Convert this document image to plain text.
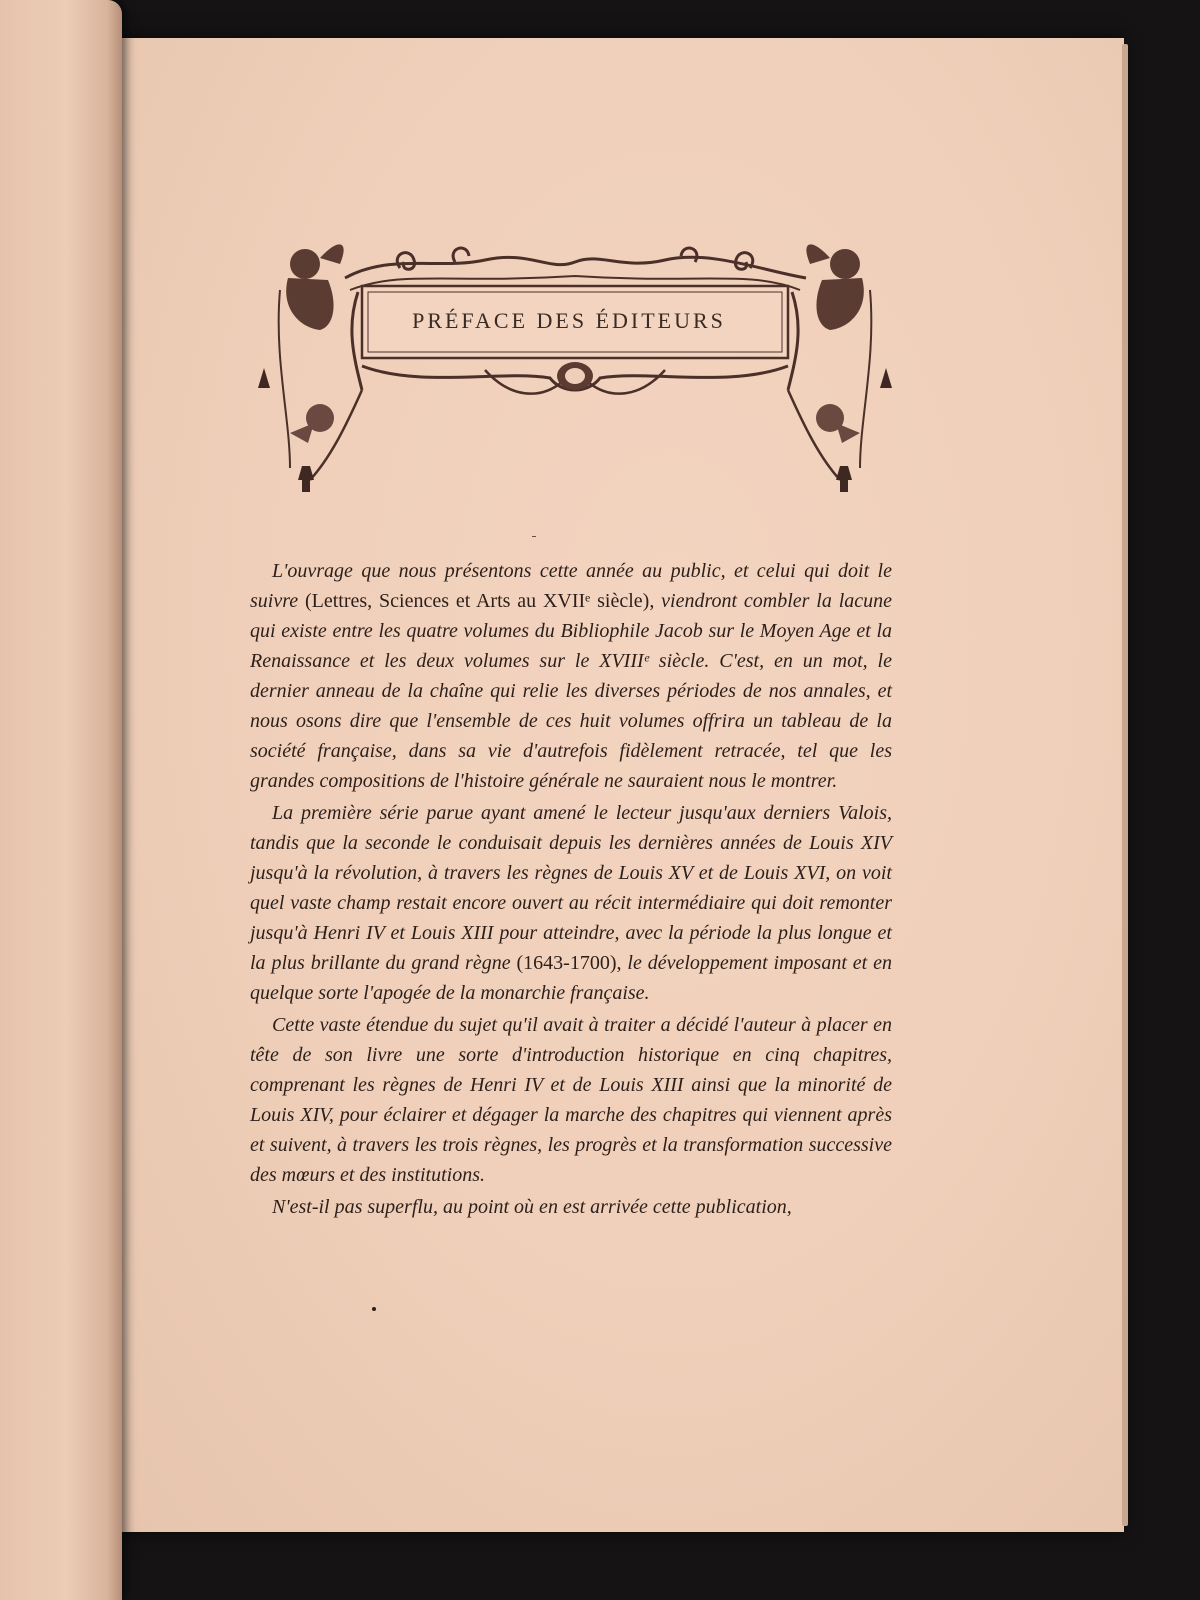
PRÉFACE DES ÉDITEURS

L'ouvrage que nous présentons cette année au public, et celui qui doit le suivre (Lettres, Sciences et Arts au XVIIᵉ siècle), viendront combler la lacune qui existe entre les quatre volumes du Bibliophile Jacob sur le Moyen Age et la Renaissance et les deux volumes sur le XVIIIᵉ siècle. C'est, en un mot, le dernier anneau de la chaîne qui relie les diverses périodes de nos annales, et nous osons dire que l'ensemble de ces huit volumes offrira un tableau de la société française, dans sa vie d'autrefois fidèlement retracée, tel que les grandes compositions de l'histoire générale ne sauraient nous le montrer.

La première série parue ayant amené le lecteur jusqu'aux derniers Valois, tandis que la seconde le conduisait depuis les dernières années de Louis XIV jusqu'à la révolution, à travers les règnes de Louis XV et de Louis XVI, on voit quel vaste champ restait encore ouvert au récit intermédiaire qui doit remonter jusqu'à Henri IV et Louis XIII pour atteindre, avec la période la plus longue et la plus brillante du grand règne (1643-1700), le développement imposant et en quelque sorte l'apogée de la monarchie française.

Cette vaste étendue du sujet qu'il avait à traiter a décidé l'auteur à placer en tête de son livre une sorte d'introduction historique en cinq chapitres, comprenant les règnes de Henri IV et de Louis XIII ainsi que la minorité de Louis XIV, pour éclairer et dégager la marche des chapitres qui viennent après et suivent, à travers les trois règnes, les progrès et la transformation successive des mœurs et des institutions.

N'est-il pas superflu, au point où en est arrivée cette publication,
